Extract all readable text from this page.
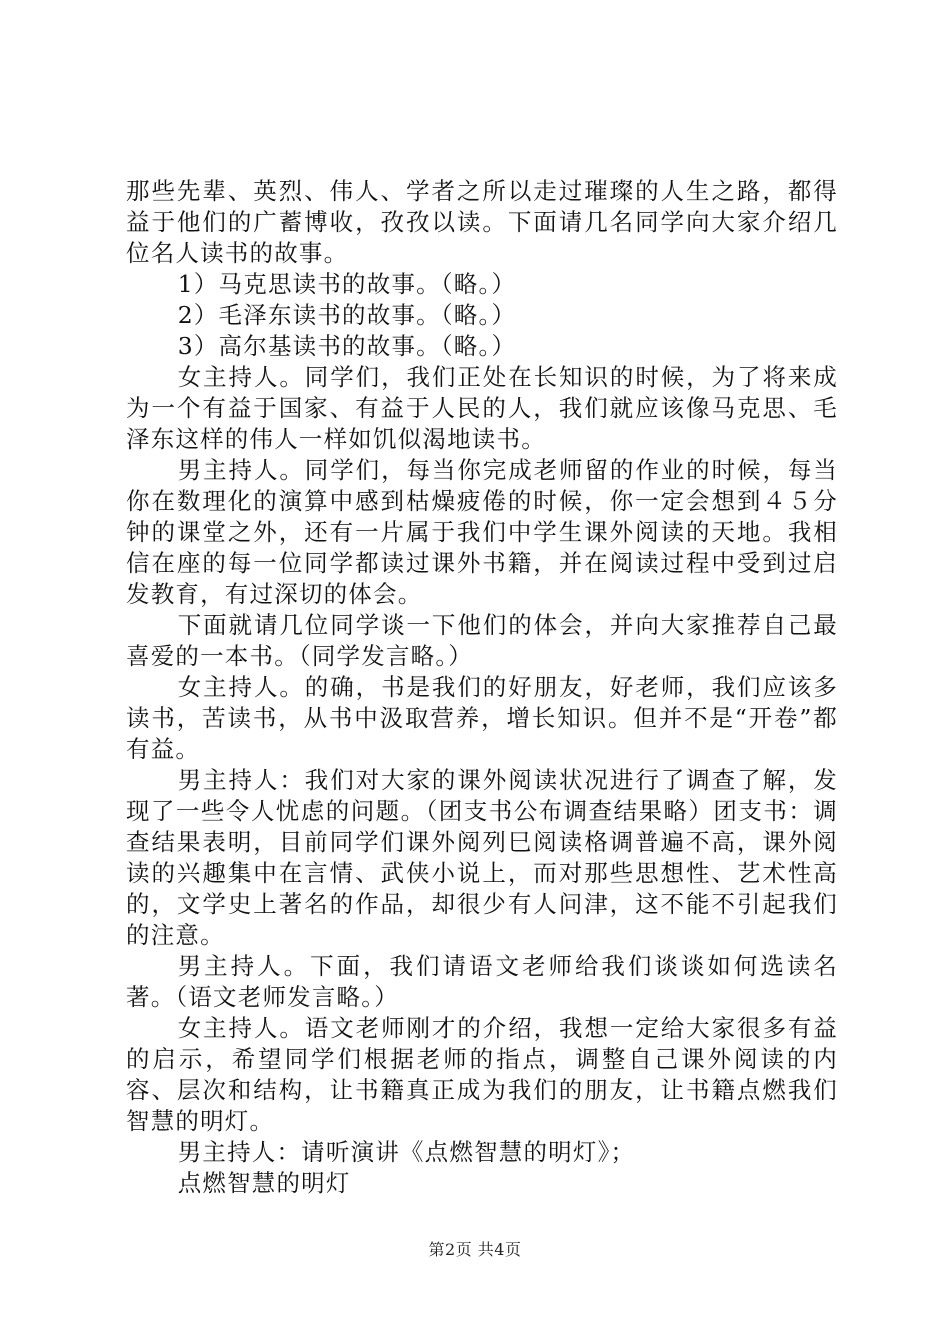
那些先辈、英烈、伟人、学者之所以走过璀璨的人生之路，都得益于他们的广蓄博收，孜孜以读。下面请几名同学向大家介绍几位名人读书的故事。

1）马克思读书的故事。（略。）

2）毛泽东读书的故事。（略。）

3）高尔基读书的故事。（略。）

女主持人。同学们，我们正处在长知识的时候，为了将来成为一个有益于国家、有益于人民的人，我们就应该像马克思、毛泽东这样的伟人一样如饥似渴地读书。

男主持人。同学们，每当你完成老师留的作业的时候，每当你在数理化的演算中感到枯燥疲倦的时候，你一定会想到４５分钟的课堂之外，还有一片属于我们中学生课外阅读的天地。我相信在座的每一位同学都读过课外书籍，并在阅读过程中受到过启发教育，有过深切的体会。

下面就请几位同学谈一下他们的体会，并向大家推荐自己最喜爱的一本书。（同学发言略。）

女主持人。的确，书是我们的好朋友，好老师，我们应该多读书，苦读书，从书中汲取营养，增长知识。但并不是“开卷”都有益。

男主持人：我们对大家的课外阅读状况进行了调查了解，发现了一些令人忧虑的问题。（团支书公布调查结果略）团支书：调查结果表明，目前同学们课外阅列巳阅读格调普遍不高，课外阅读的兴趣集中在言情、武侠小说上，而对那些思想性、艺术性高的，文学史上著名的作品，却很少有人问津，这不能不引起我们的注意。

男主持人。下面，我们请语文老师给我们谈谈如何选读名著。（语文老师发言略。）

女主持人。语文老师刚才的介绍，我想一定给大家很多有益的启示，希望同学们根据老师的指点，调整自己课外阅读的内容、层次和结构，让书籍真正成为我们的朋友，让书籍点燃我们智慧的明灯。

男主持人：请听演讲《点燃智慧的明灯》；

点燃智慧的明灯

第2页 共4页
